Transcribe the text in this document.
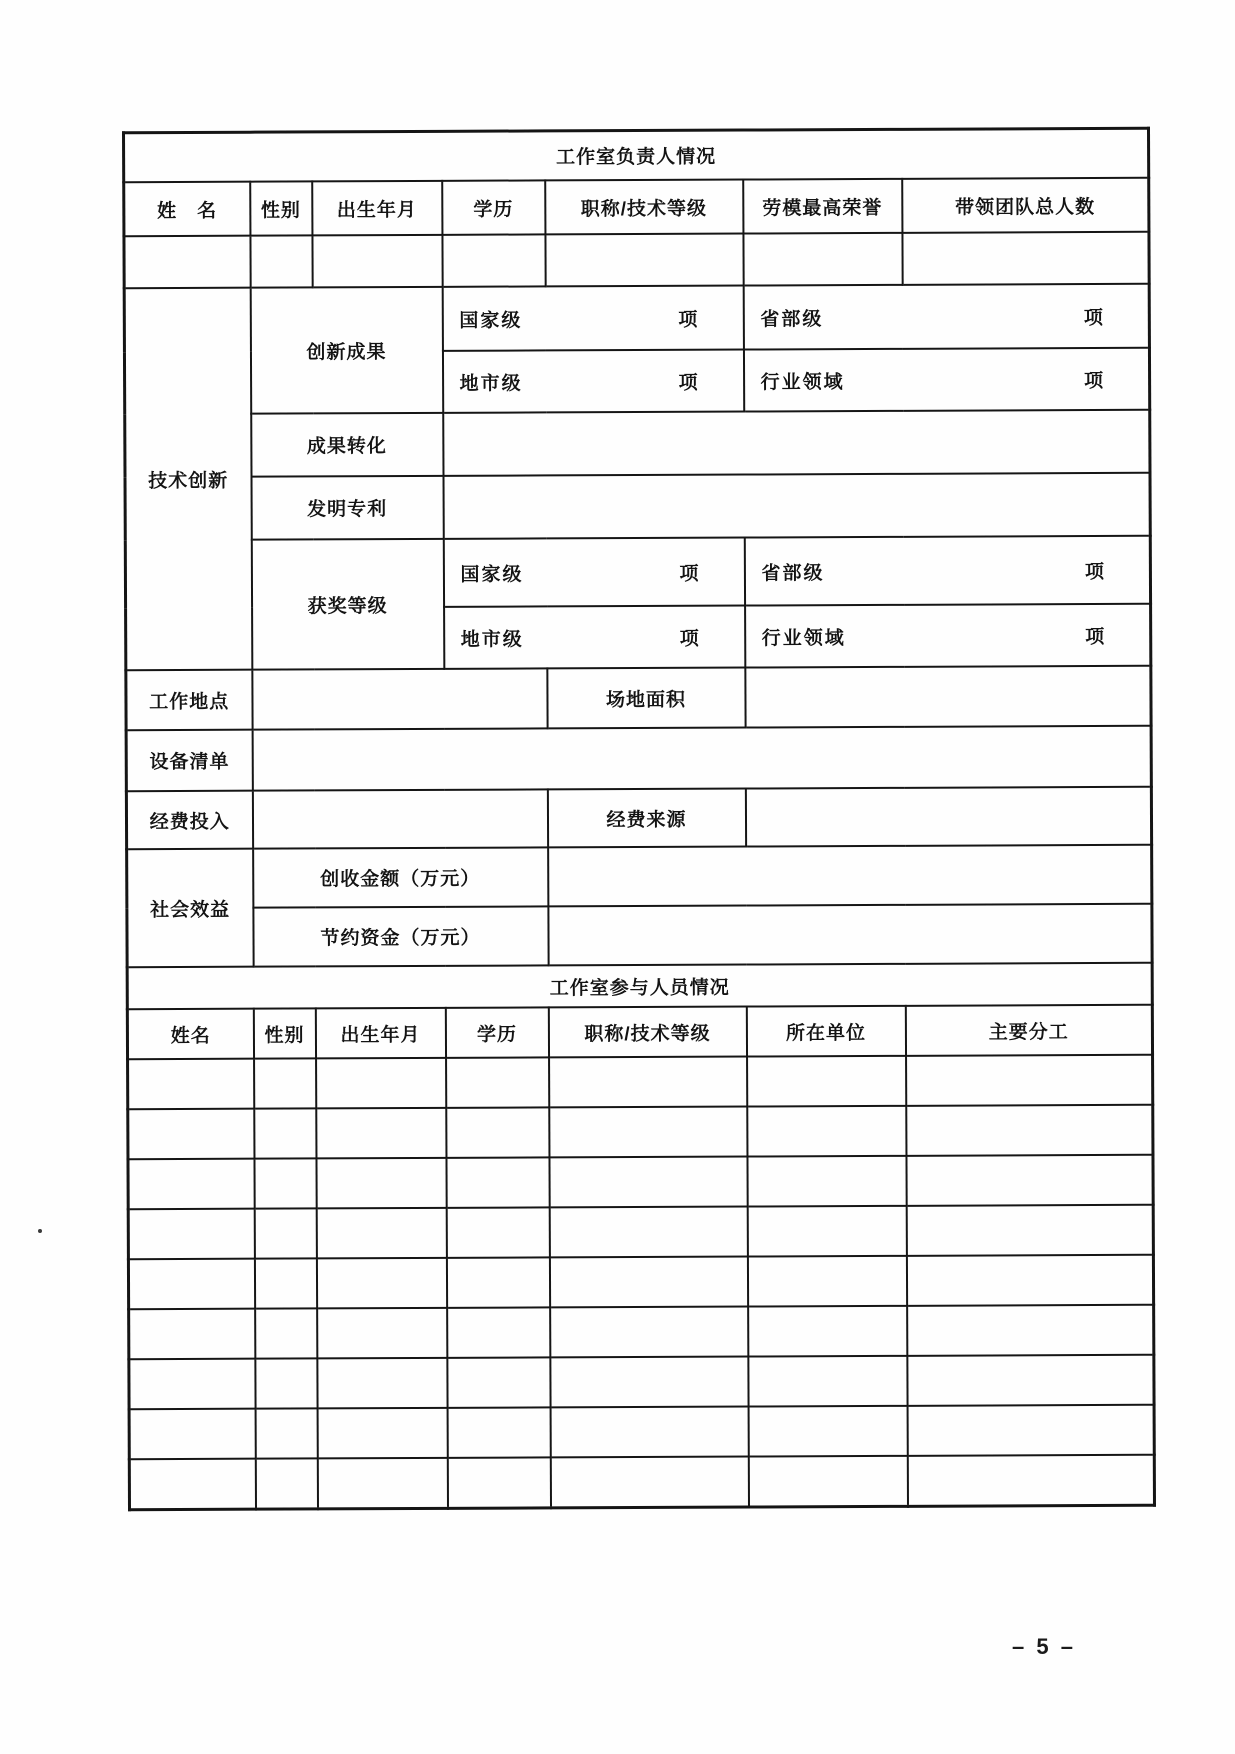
工作室负责人情况						
姓　名	性别	出生年月	学历	职称/技术等级	劳模最高荣誉	带领团队总人数

技术创新	创新成果		国家级 项		省部级 项	

			地市级 项		行业领域 项	

	成果转化					
	发明专利					
	获奖等级		国家级 项		省部级 项	

			地市级 项		行业领域 项	

工作地点				场地面积		
设备清单						
经费投入				经费来源		
社会效益	创收金额（万元）					
	节约资金（万元）					
工作室参与人员情况						
姓名	性别	出生年月	学历	职称/技术等级	所在单位	主要分工

– 5 –
